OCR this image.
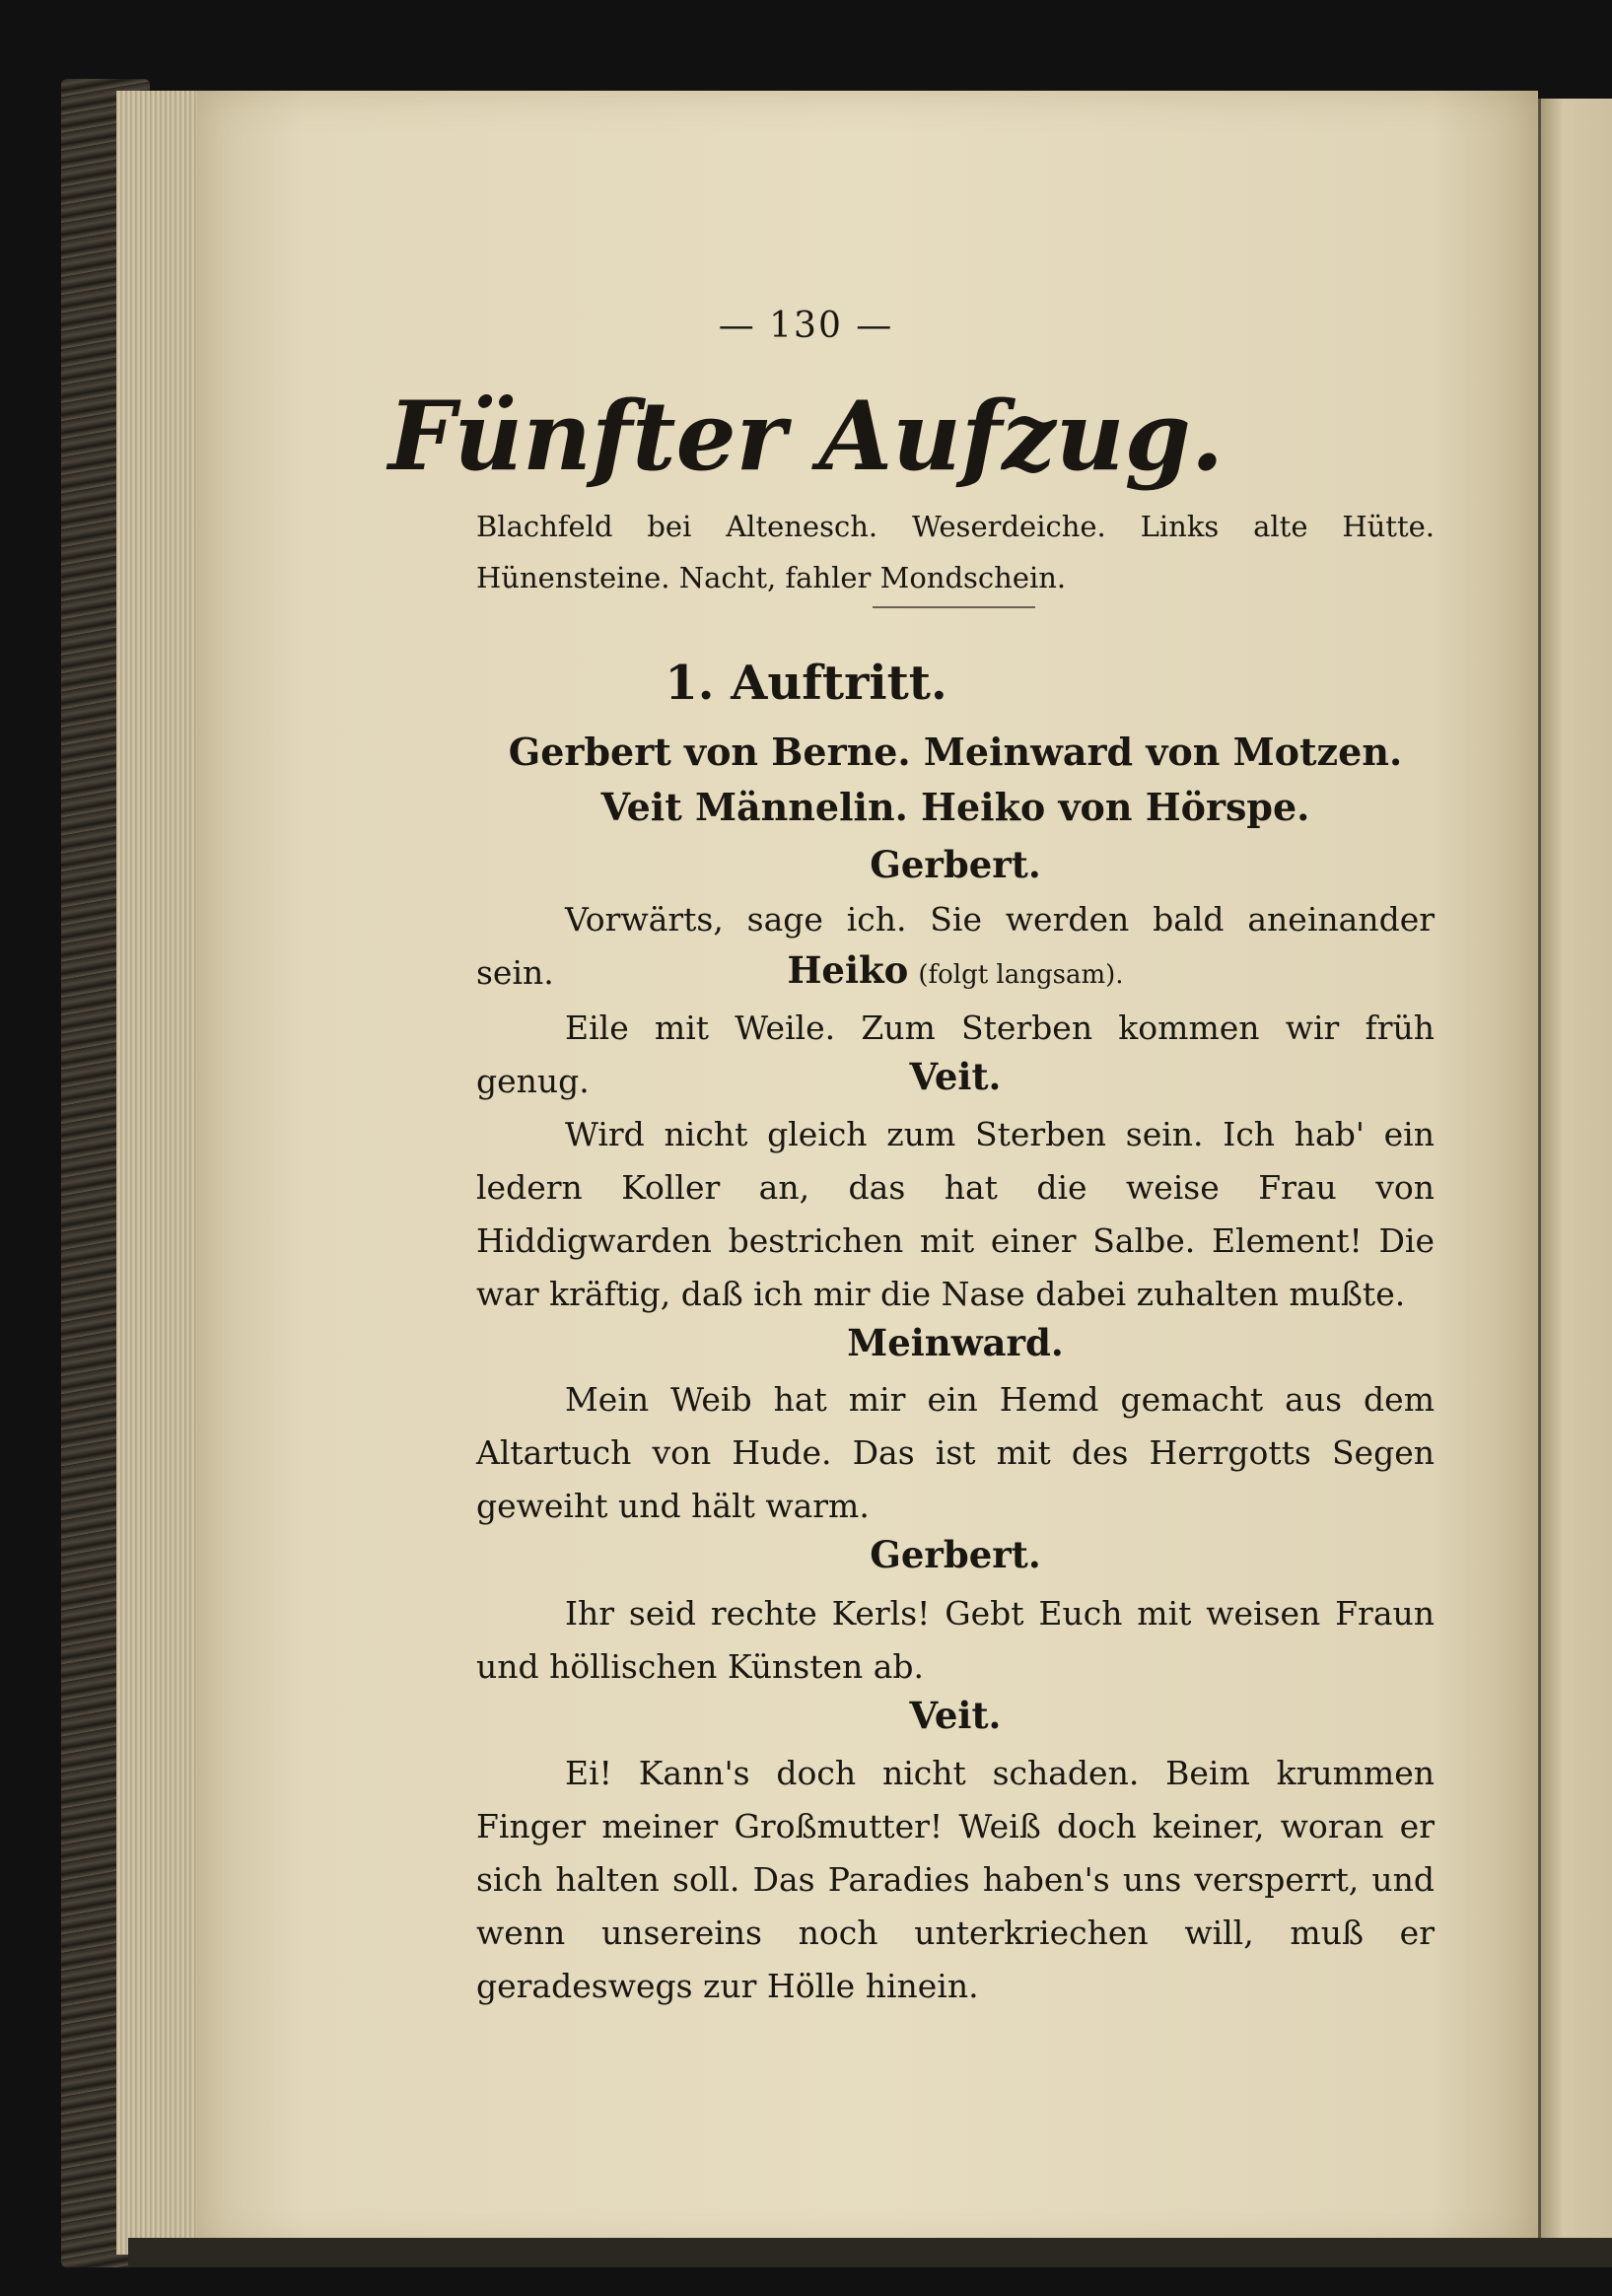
— 130 —
Fünfter Aufzug.
Blachfeld bei Altenesch. Weserdeiche. Links alte Hütte. Hünensteine. Nacht, fahler Mondschein.
1. Auftritt.
Gerbert von Berne. Meinward von Motzen. Veit Männelin. Heiko von Hörspe.
Gerbert.
Vorwärts, sage ich. Sie werden bald aneinander sein.	Heiko (folgt langsam).
Eile mit Weile. Zum Sterben kommen wir früh genug.	Veit.
Wird nicht gleich zum Sterben sein. Ich hab' ein ledern Koller an, das hat die weise Frau von Hiddigwarden bestrichen mit einer Salbe. Element! Die war kräftig, daß ich mir die Nase dabei zuhalten mußte.
Meinward.
Mein Weib hat mir ein Hemd gemacht aus dem Altartuch von Hude. Das ist mit des Herrgotts Segen geweiht und hält warm.
Gerbert.
Ihr seid rechte Kerls! Gebt Euch mit weisen Fraun und höllischen Künsten ab.
Veit.
Ei! Kann's doch nicht schaden. Beim krummen Finger meiner Großmutter! Weiß doch keiner, woran er sich halten soll. Das Paradies haben's uns versperrt, und wenn unsereins noch unterkriechen will, muß er geradeswegs zur Hölle hinein.
